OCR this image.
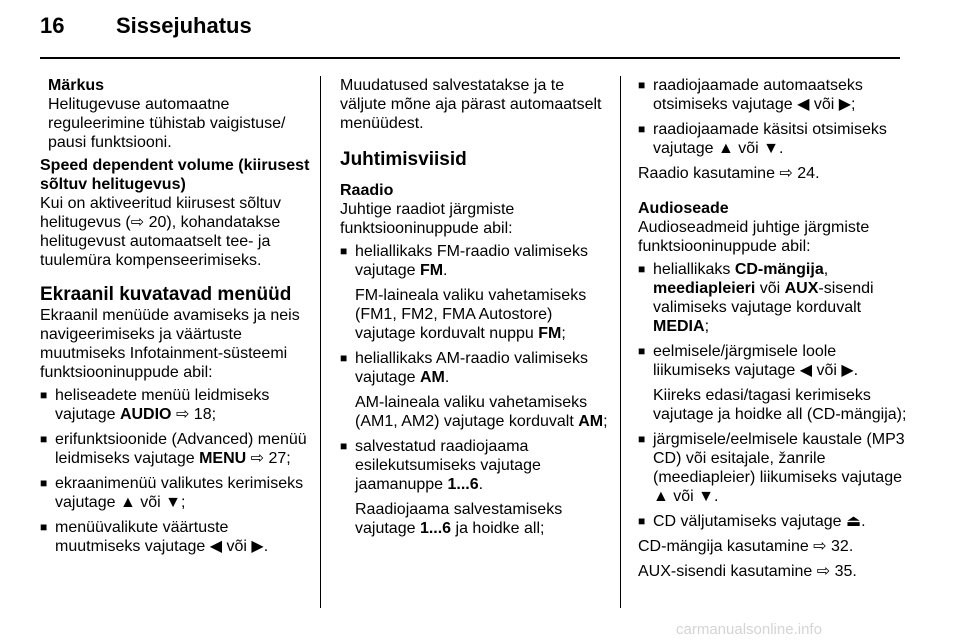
16 Sissejuhatus

Märkus

Helitugevuse automaatne reguleerimine tühistab vaigistuse/ pausi funktsiooni.

Speed dependent volume (kiirusest sõltuv helitugevus)

Kui on aktiveeritud kiirusest sõltuv helitugevus (⇨ 20), kohandatakse helitugevust automaatselt tee- ja tuulemüra kompenseerimiseks.

Ekraanil kuvatavad menüüd

Ekraanil menüüde avamiseks ja neis navigeerimiseks ja väärtuste muutmiseks Infotainment-süsteemi funktsiooninuppude abil:

■ heliseadete menüü leidmiseks vajutage AUDIO ⇨ 18;
■ erifunktsioonide (Advanced) menüü leidmiseks vajutage MENU ⇨ 27;
■ ekraanimenüü valikutes kerimiseks vajutage ▲ või ▼;
■ menüüvalikute väärtuste muutmiseks vajutage ◀ või ▶.

Muudatused salvestatakse ja te väljute mõne aja pärast automaatselt menüüdest.

Juhtimisviisid

Raadio

Juhtige raadiot järgmiste funktsiooninuppude abil:

■ heliallikaks FM-raadio valimiseks vajutage FM.

FM-laineala valiku vahetamiseks (FM1, FM2, FMA Autostore) vajutage korduvalt nuppu FM;

■ heliallikaks AM-raadio valimiseks vajutage AM.

AM-laineala valiku vahetamiseks (AM1, AM2) vajutage korduvalt AM;

■ salvestatud raadiojaama esilekutsumiseks vajutage jaamanuppe 1...6.

Raadiojaama salvestamiseks vajutage 1...6 ja hoidke all;

■ raadiojaamade automaatseks otsimiseks vajutage ◀ või ▶;
■ raadiojaamade käsitsi otsimiseks vajutage ▲ või ▼.

Raadio kasutamine ⇨ 24.

Audioseade

Audioseadmeid juhtige järgmiste funktsiooninuppude abil:

■ heliallikaks CD-mängija, meediapleieri või AUX-sisendi valimiseks vajutage korduvalt MEDIA;

■ eelmisele/järgmisele loole liikumiseks vajutage ◀ või ▶.

Kiireks edasi/tagasi kerimiseks vajutage ja hoidke all (CD-mängija);

■ järgmisele/eelmisele kaustale (MP3 CD) või esitajale, žanrile (meediapleier) liikumiseks vajutage ▲ või ▼.
■ CD väljutamiseks vajutage ⏏.

CD-mängija kasutamine ⇨ 32.

AUX-sisendi kasutamine ⇨ 35.

carmanualsonline.info
